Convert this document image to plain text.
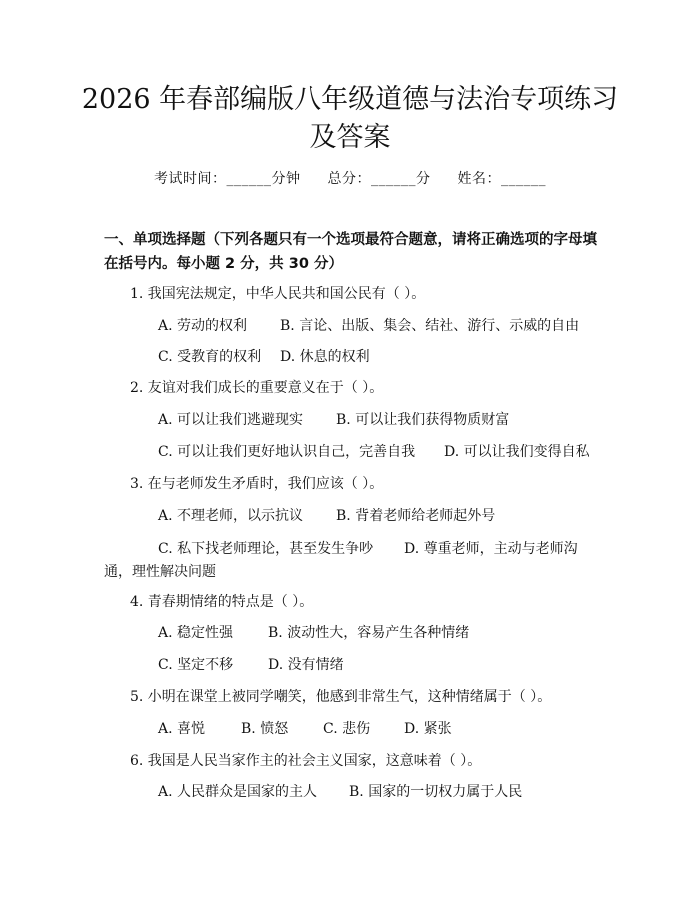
2026 年春部编版八年级道德与法治专项练习
及答案
考试时间：______分钟 总分：______分 姓名：______
一、单项选择题（下列各题只有一个选项最符合题意，请将正确选项的字母填在括号内。每小题 2 分，共 30 分）
1. 我国宪法规定，中华人民共和国公民有（ ）。
A. 劳动的权利 B. 言论、出版、集会、结社、游行、示威的自由
C. 受教育的权利 D. 休息的权利
2. 友谊对我们成长的重要意义在于（ ）。
A. 可以让我们逃避现实 B. 可以让我们获得物质财富
C. 可以让我们更好地认识自己，完善自我 D. 可以让我们变得自私
3. 在与老师发生矛盾时，我们应该（ ）。
A. 不理老师，以示抗议 B. 背着老师给老师起外号
C. 私下找老师理论，甚至发生争吵 D. 尊重老师，主动与老师沟
通，理性解决问题
4. 青春期情绪的特点是（ ）。
A. 稳定性强 B. 波动性大，容易产生各种情绪
C. 坚定不移 D. 没有情绪
5. 小明在课堂上被同学嘲笑，他感到非常生气，这种情绪属于（ ）。
A. 喜悦	B. 愤怒 C. 悲伤 D. 紧张
6. 我国是人民当家作主的社会主义国家，这意味着（ ）。
A. 人民群众是国家的主人 B. 国家的一切权力属于人民
